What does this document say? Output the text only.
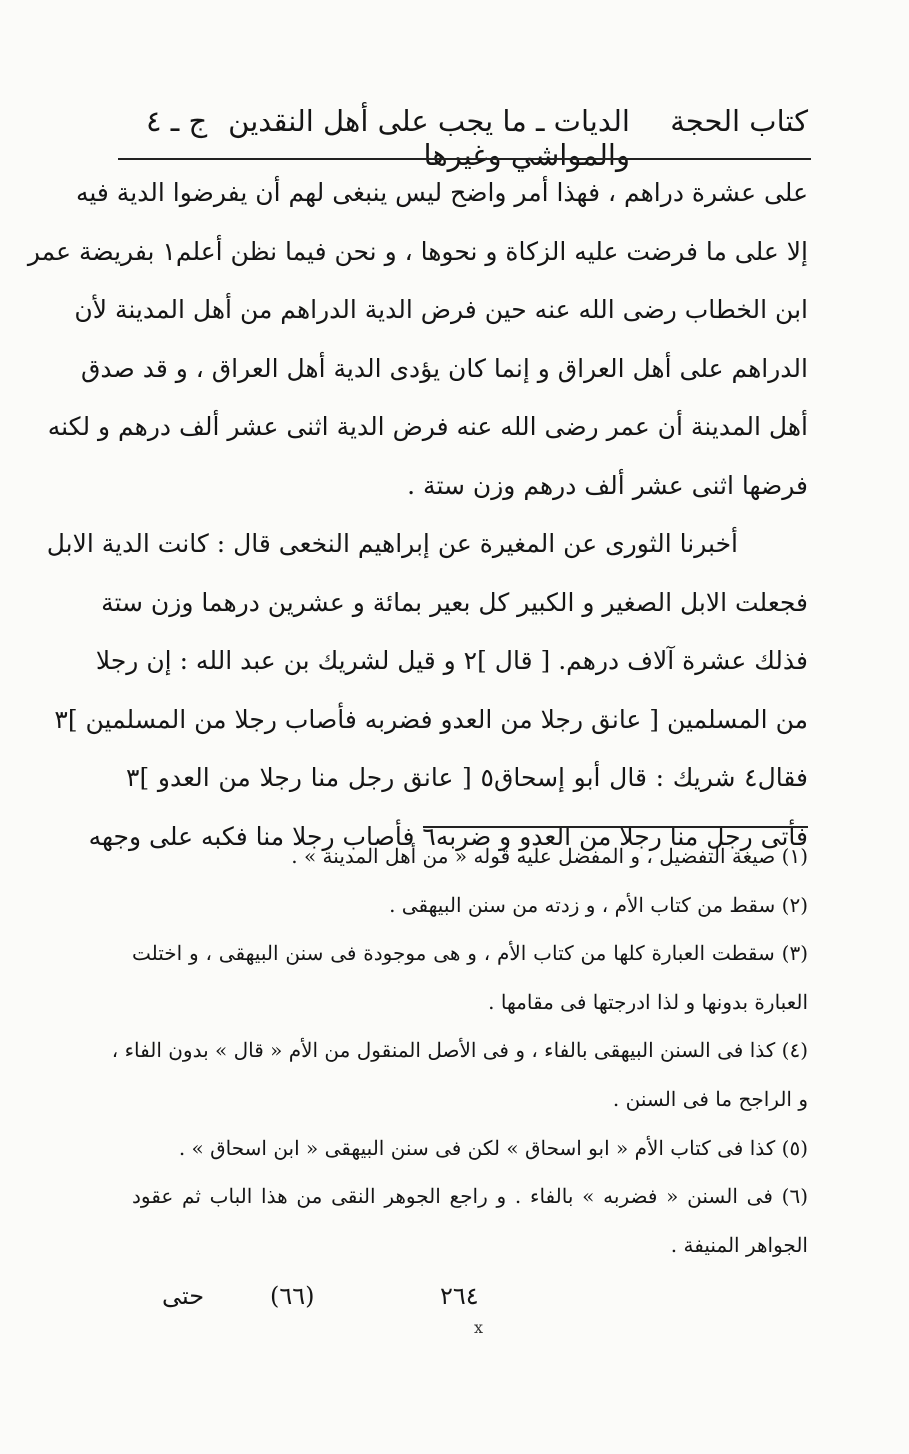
كتاب الحجة
الديات ـ ما يجب على أهل النقدين والمواشي وغيرها
ج ـ ٤
على عشرة دراهم ، فهذا أمر واضح ليس ينبغى لهم أن يفرضوا الدية فيه
إلا على ما فرضت عليه الزكاة و نحوها ، و نحن فيما نظن أعلم١ بفريضة عمر
ابن الخطاب رضى الله عنه حين فرض الدية الدراهم من أهل المدينة لأن
الدراهم على أهل العراق و إنما كان يؤدى الدية أهل العراق ، و قد صدق
أهل المدينة أن عمر رضى الله عنه فرض الدية اثنى عشر ألف درهم و لكنه
فرضها اثنى عشر ألف درهم وزن ستة .
أخبرنا الثورى عن المغيرة عن إبراهيم النخعى قال : كانت الدية الابل
فجعلت الابل الصغير و الكبير كل بعير بمائة و عشرين درهما وزن ستة
فذلك عشرة آلاف درهم. [ قال ]٢ و قيل لشريك بن عبد الله : إن رجلا
من المسلمين [ عانق رجلا من العدو فضربه فأصاب رجلا من المسلمين ]٣
فقال٤ شريك : قال أبو إسحاق٥ [ عانق رجل منا رجلا من العدو ]٣
فأتى رجل منا رجلا من العدو و ضربه٦ فأصاب رجلا منا فكبه على وجهه
(١) صيغة التفضيل ، و المفضل عليه قوله « من أهل المدينة » .
(٢) سقط من كتاب الأم ، و زدته من سنن البيهقى .
(٣) سقطت العبارة كلها من كتاب الأم ، و هى موجودة فى سنن البيهقى ، و اختلت
العبارة بدونها و لذا ادرجتها فى مقامها .
(٤) كذا فى السنن البيهقى بالفاء ، و فى الأصل المنقول من الأم « قال » بدون الفاء ،
و الراجح ما فى السنن .
(٥) كذا فى كتاب الأم « ابو اسحاق » لكن فى سنن البيهقى « ابن اسحاق » .
(٦) فى السنن « فضربه » بالفاء . و راجع الجوهر النقى من هذا الباب ثم عقود
الجواهر المنيفة .
٢٦٤
(٦٦)
حتى
x
